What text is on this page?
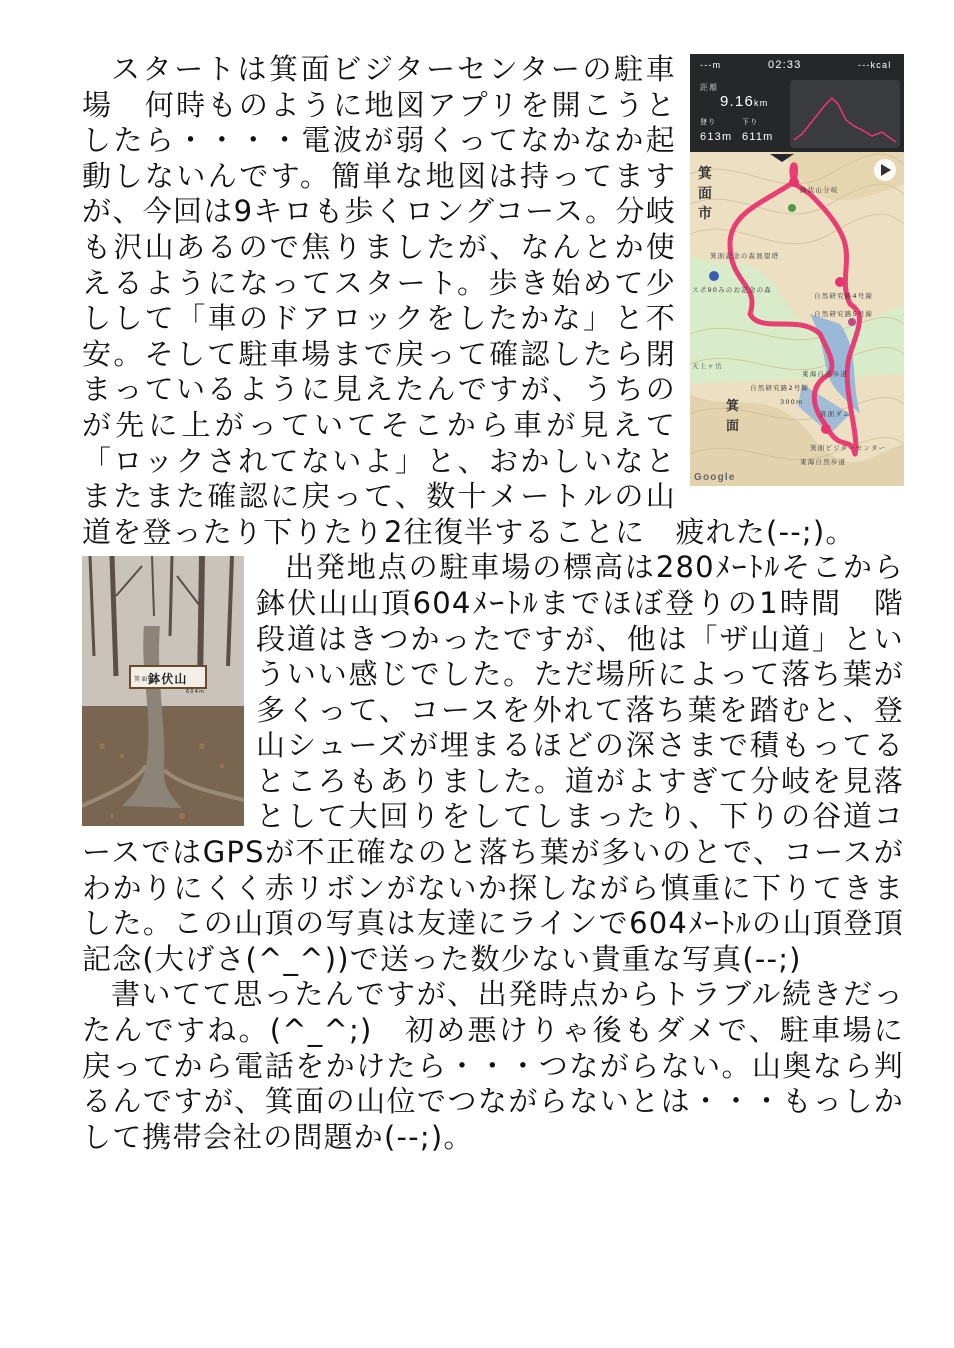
---m	02:33	---kcal
距離
9.16 km
登り
613m
下り
611m
箕
面
市
箕
面
鉢伏山分岐
箕面記念の森展望塔
スポ90みのお記念の森
自然研究路4号線
自然研究路5号線
天上ヶ岳
自然研究路2号線
東海自然歩道
300m
箕面ダム
箕面ビジターセンター
東海自然歩道
Google

スタートは箕面ビジターセンターの駐車場　何時ものように地図アプリを開こうとしたら・・・・電波が弱くってなかなか起動しないんです。簡単な地図は持ってますが、今回は9キロも歩くロングコース。分岐も沢山あるので焦りましたが、なんとか使えるようになってスタート。歩き始めて少しして「車のドアロックをしたかな」と不安。そして駐車場まで戻って確認したら閉まっているように見えたんですが、うちのが先に上がっていてそこから車が見えて「ロックされてないよ」と、おかしいなとまたまた確認に戻って、数十メートルの山道を登ったり下りたり2往復半することに　疲れた(--;)。

箕面 鉢伏山
604m

出発地点の駐車場の標高は280ﾒｰﾄﾙそこから鉢伏山山頂604ﾒｰﾄﾙまでほぼ登りの1時間　階段道はきつかったですが、他は「ザ山道」といういい感じでした。ただ場所によって落ち葉が多くって、コースを外れて落ち葉を踏むと、登山シューズが埋まるほどの深さまで積もってるところもありました。道がよすぎて分岐を見落として大回りをしてしまったり、下りの谷道コースではGPSが不正確なのと落ち葉が多いのとで、コースがわかりにくく赤リボンがないか探しながら慎重に下りてきました。この山頂の写真は友達にラインで604ﾒｰﾄﾙの山頂登頂記念(大げさ(^_^))で送った数少ない貴重な写真(--;)

書いてて思ったんですが、出発時点からトラブル続きだったんですね。(^_^;)　初め悪けりゃ後もダメで、駐車場に戻ってから電話をかけたら・・・つながらない。山奥なら判るんですが、箕面の山位でつながらないとは・・・もっしかして携帯会社の問題か(--;)。
